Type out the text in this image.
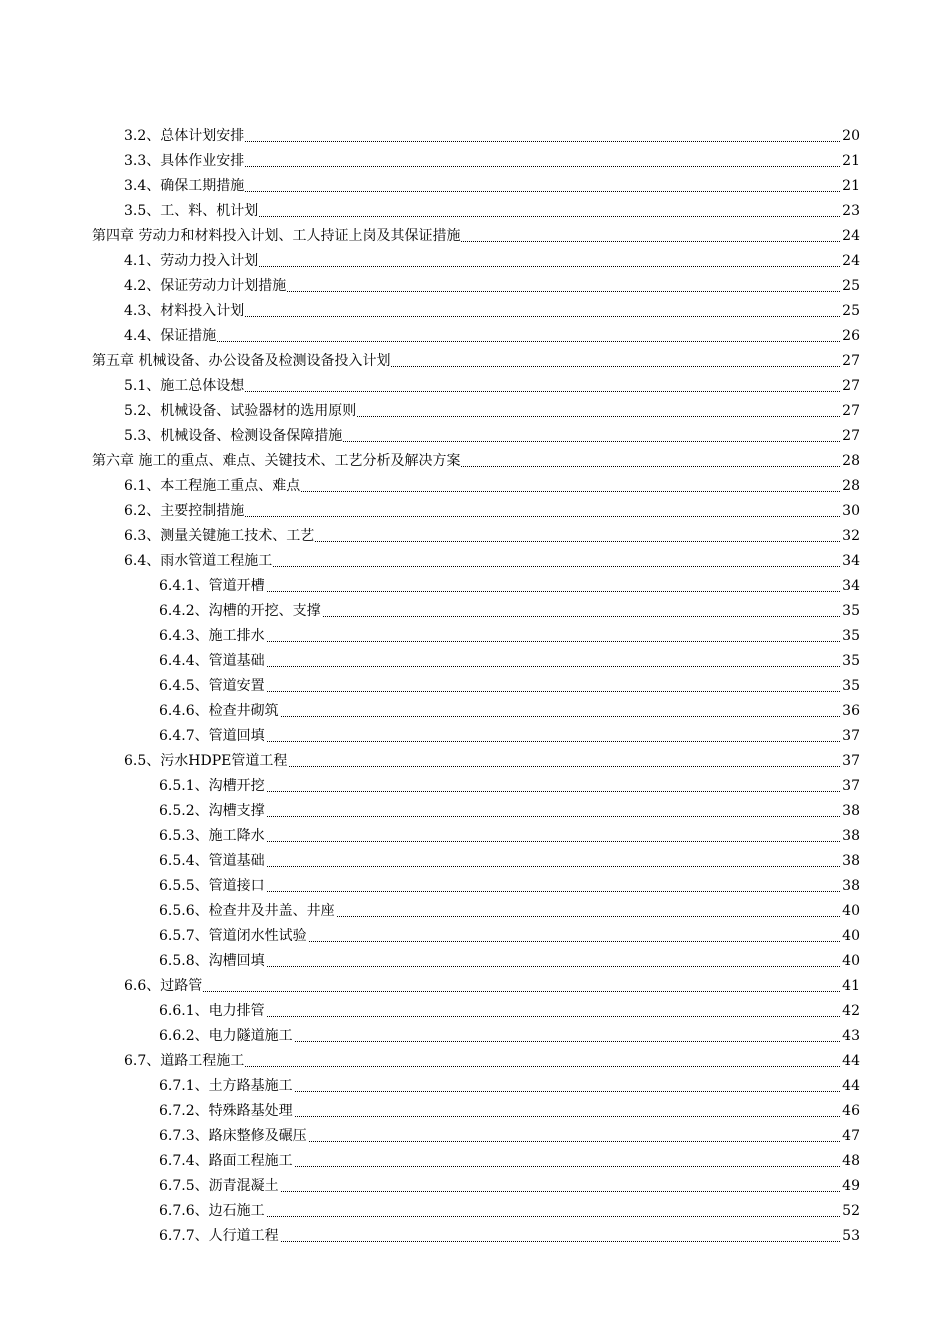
3.2、总体计划安排	20
3.3、具体作业安排	21
3.4、确保工期措施	21
3.5、工、料、机计划	23
第四章 劳动力和材料投入计划、工人持证上岗及其保证措施	24
4.1、劳动力投入计划	24
4.2、保证劳动力计划措施	25
4.3、材料投入计划	25
4.4、保证措施	26
第五章 机械设备、办公设备及检测设备投入计划	27
5.1、施工总体设想	27
5.2、机械设备、试验器材的选用原则	27
5.3、机械设备、检测设备保障措施	27
第六章 施工的重点、难点、关键技术、工艺分析及解决方案	28
6.1、本工程施工重点、难点	28
6.2、主要控制措施	30
6.3、测量关键施工技术、工艺	32
6.4、雨水管道工程施工	34
6.4.1、管道开槽	34
6.4.2、沟槽的开挖、支撑	35
6.4.3、施工排水	35
6.4.4、管道基础	35
6.4.5、管道安置	35
6.4.6、检查井砌筑	36
6.4.7、管道回填	37
6.5、污水HDPE管道工程	37
6.5.1、沟槽开挖	37
6.5.2、沟槽支撑	38
6.5.3、施工降水	38
6.5.4、管道基础	38
6.5.5、管道接口	38
6.5.6、检查井及井盖、井座	40
6.5.7、管道闭水性试验	40
6.5.8、沟槽回填	40
6.6、过路管	41
6.6.1、电力排管	42
6.6.2、电力隧道施工	43
6.7、道路工程施工	44
6.7.1、土方路基施工	44
6.7.2、特殊路基处理	46
6.7.3、路床整修及碾压	47
6.7.4、路面工程施工	48
6.7.5、沥青混凝土	49
6.7.6、边石施工	52
6.7.7、人行道工程	53
